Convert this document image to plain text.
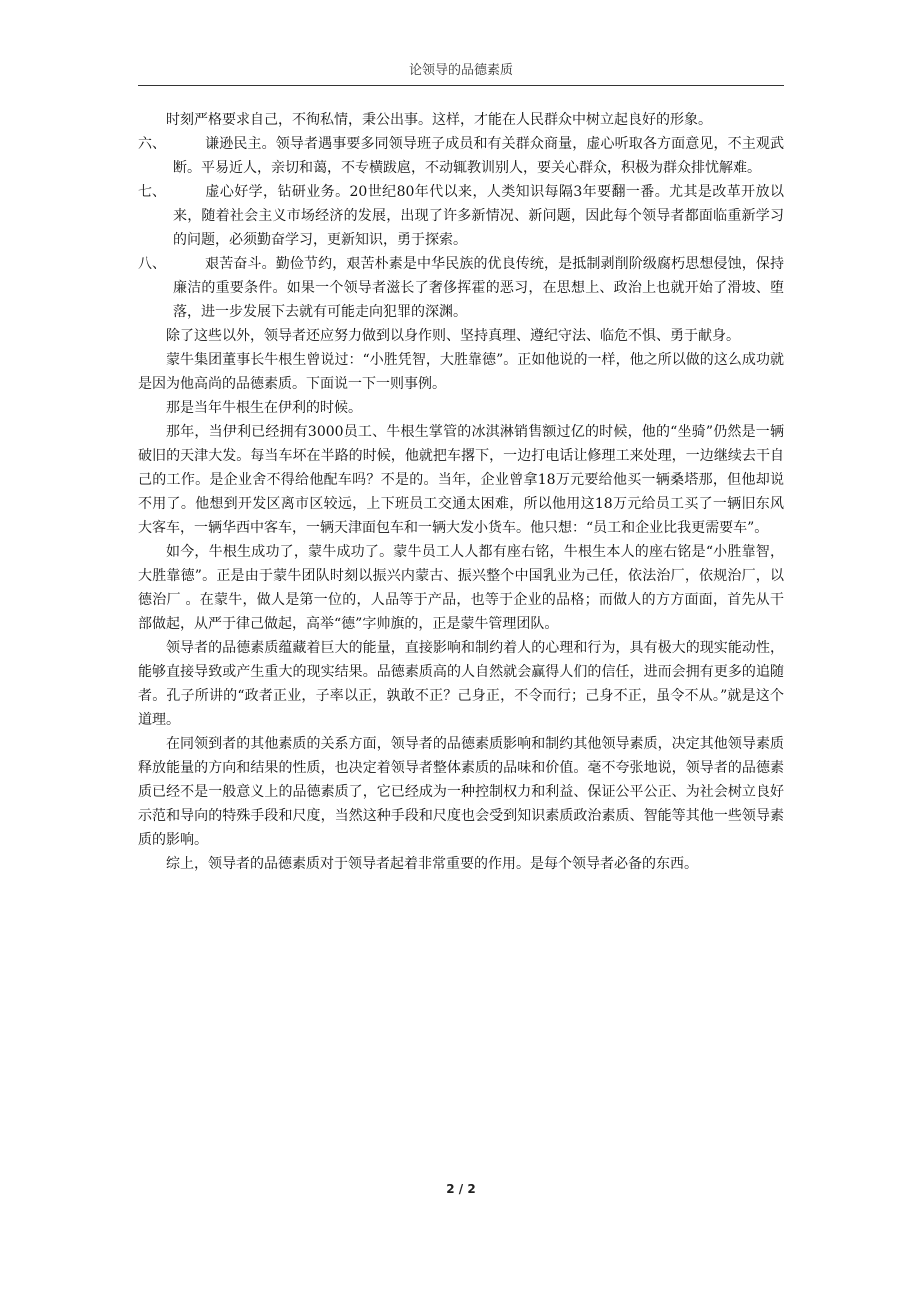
论领导的品德素质

时刻严格要求自己，不徇私情，秉公出事。这样，才能在人民群众中树立起良好的形象。

六、	谦逊民主。领导者遇事要多同领导班子成员和有关群众商量，虚心听取各方面意见，不主观武断。平易近人，亲切和蔼，不专横跋扈，不动辄教训别人，要关心群众，积极为群众排忧解难。
七、	虚心好学，钻研业务。20世纪80年代以来，人类知识每隔3年要翻一番。尤其是改革开放以来，随着社会主义市场经济的发展，出现了许多新情况、新问题，因此每个领导者都面临重新学习的问题，必须勤奋学习，更新知识，勇于探索。
八、	艰苦奋斗。勤俭节约，艰苦朴素是中华民族的优良传统，是抵制剥削阶级腐朽思想侵蚀，保持廉洁的重要条件。如果一个领导者滋长了奢侈挥霍的恶习，在思想上、政治上也就开始了滑坡、堕落，进一步发展下去就有可能走向犯罪的深渊。

除了这些以外，领导者还应努力做到以身作则、坚持真理、遵纪守法、临危不惧、勇于献身。

蒙牛集团董事长牛根生曾说过：“小胜凭智，大胜靠德”。正如他说的一样，他之所以做的这么成功就是因为他高尚的品德素质。下面说一下一则事例。

那是当年牛根生在伊利的时候。

那年，当伊利已经拥有3000员工、牛根生掌管的冰淇淋销售额过亿的时候，他的“坐骑”仍然是一辆破旧的天津大发。每当车坏在半路的时候，他就把车撂下，一边打电话让修理工来处理，一边继续去干自己的工作。是企业舍不得给他配车吗？不是的。当年，企业曾拿18万元要给他买一辆桑塔那，但他却说不用了。他想到开发区离市区较远，上下班员工交通太困难，所以他用这18万元给员工买了一辆旧东风大客车，一辆华西中客车，一辆天津面包车和一辆大发小货车。他只想：“员工和企业比我更需要车”。

如今，牛根生成功了，蒙牛成功了。蒙牛员工人人都有座右铭，牛根生本人的座右铭是“小胜靠智，大胜靠德”。正是由于蒙牛团队时刻以振兴内蒙古、振兴整个中国乳业为己任，依法治厂，依规治厂，以德治厂 。在蒙牛，做人是第一位的，人品等于产品，也等于企业的品格；而做人的方方面面，首先从干部做起，从严于律己做起，高举“德”字帅旗的，正是蒙牛管理团队。

领导者的品德素质蕴藏着巨大的能量，直接影响和制约着人的心理和行为，具有极大的现实能动性，能够直接导致或产生重大的现实结果。品德素质高的人自然就会赢得人们的信任，进而会拥有更多的追随者。孔子所讲的“政者正业，子率以正，孰敢不正？己身正，不令而行；己身不正，虽令不从。”就是这个道理。

在同领到者的其他素质的关系方面，领导者的品德素质影响和制约其他领导素质，决定其他领导素质释放能量的方向和结果的性质，也决定着领导者整体素质的品味和价值。毫不夸张地说，领导者的品德素质已经不是一般意义上的品德素质了，它已经成为一种控制权力和利益、保证公平公正、为社会树立良好示范和导向的特殊手段和尺度，当然这种手段和尺度也会受到知识素质政治素质、智能等其他一些领导素质的影响。

综上，领导者的品德素质对于领导者起着非常重要的作用。是每个领导者必备的东西。

2 / 2
